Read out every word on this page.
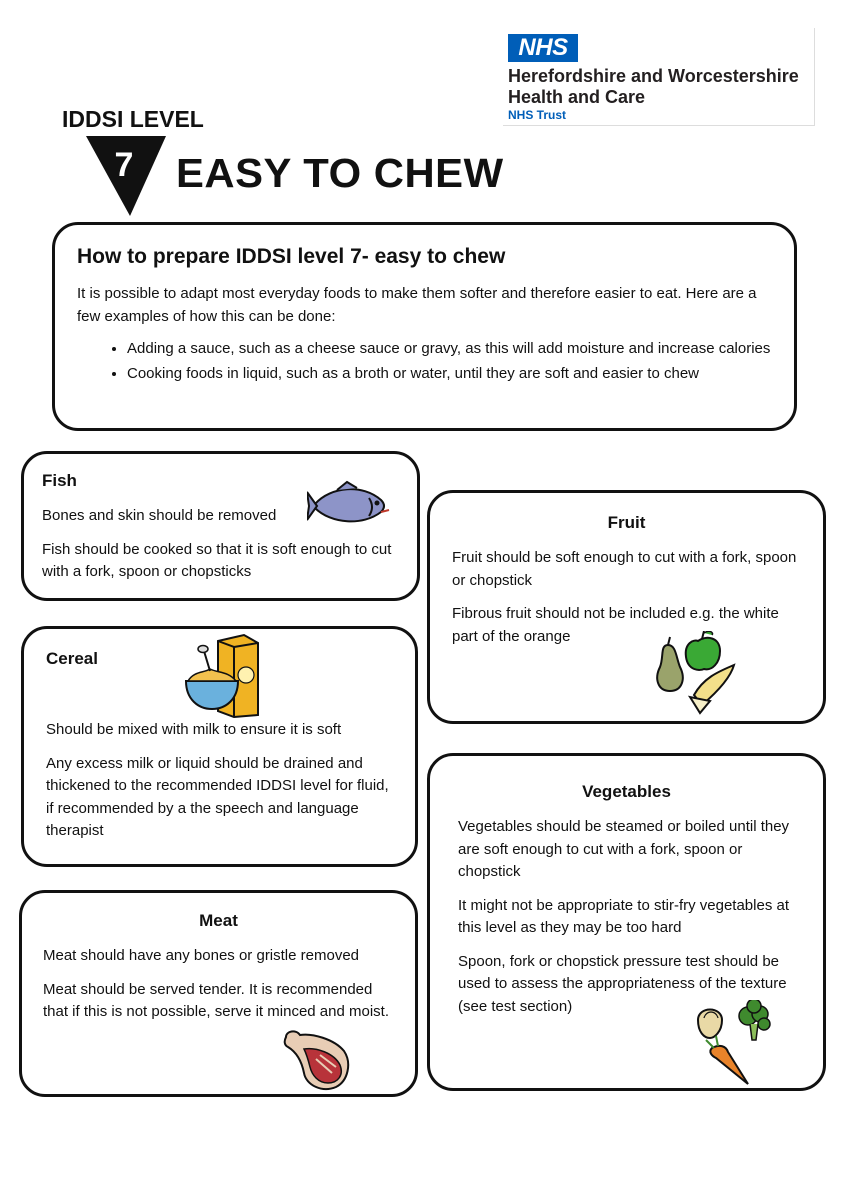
NHS
Herefordshire and Worcestershire
Health and Care
NHS Trust
IDDSI LEVEL
7 EASY TO CHEW
How to prepare IDDSI level 7- easy to chew

It is possible to adapt most everyday foods to make them softer and therefore easier to eat. Here are a few examples of how this can be done:

• Adding a sauce, such as a cheese sauce or gravy, as this will add moisture and increase calories
• Cooking foods in liquid, such as a broth or water, until they are soft and easier to chew
Fish

Bones and skin should be removed

Fish should be cooked so that it is soft enough to cut with a fork, spoon or chopsticks

Fruit

Fruit should be soft enough to cut with a fork, spoon or chopstick

Fibrous fruit should not be included e.g. the white part of the orange

Cereal

Should be mixed with milk to ensure it is soft

Any excess milk or liquid should be drained and thickened to the recommended IDDSI level for fluid, if recommended by a the speech and language therapist

Vegetables

Vegetables should be steamed or boiled until they are soft enough to cut with a fork, spoon or chopstick

It might not be appropriate to stir-fry vegetables at this level as they may be too hard

Spoon, fork or chopstick pressure test should be used to assess the appropriateness of the texture (see test section)

Meat

Meat should have any bones or gristle removed

Meat should be served tender. It is recommended that if this is not possible, serve it minced and moist.
